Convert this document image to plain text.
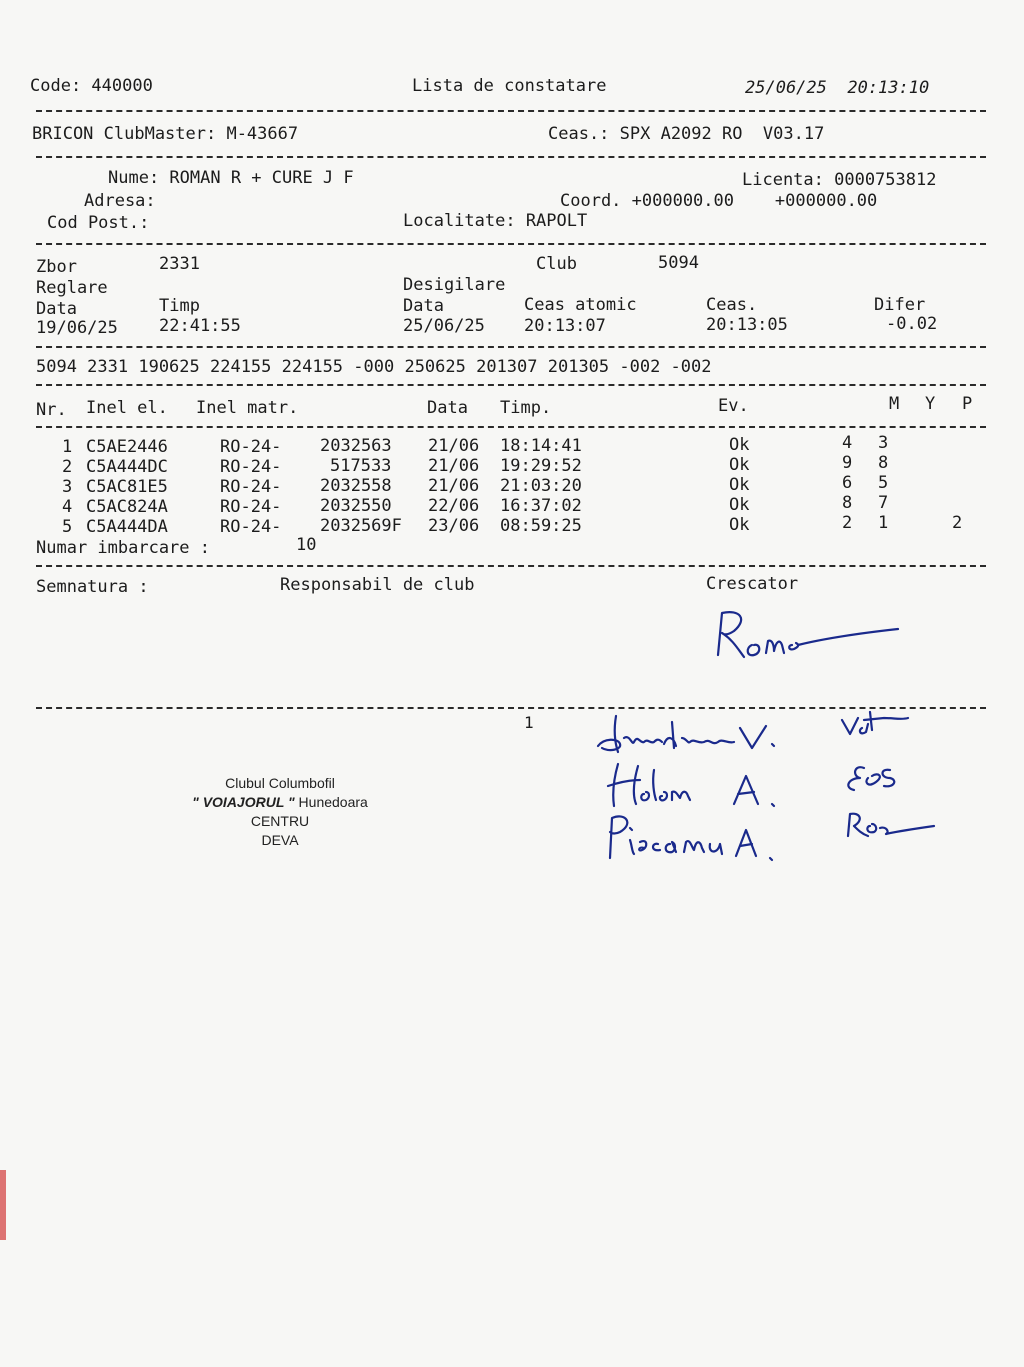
Code: 440000	Lista de constatare	25/06/25  20:13:10
BRICON ClubMaster: M-43667	Ceas.: SPX A2092 RO  V03.17
Nume: ROMAN R + CURE J F	Licenta: 0000753812
Adresa:	Coord. +000000.00    +000000.00
Cod Post.:	Localitate: RAPOLT
Zbor	2331	Club	5094
Reglare	Desigilare
Data	Timp	Data	Ceas atomic	Ceas.	Difer
19/06/25 22:41:55	25/06/25 20:13:07	20:13:05	-0.02
5094 2331 190625 224155 224155 -000 250625 201307 201305 -002 -002
Nr. Inel el. Inel matr.	Data Timp.	Ev.	M Y P
1 C5AE2446	RO-24- 2032563 21/06 18:14:41	Ok	4 3
2 C5A444DC	RO-24-	517533 21/06 19:29:52	Ok	9 8
3 C5AC81E5	RO-24- 2032558 21/06 21:03:20	Ok	6 5
4 C5AC824A	RO-24- 2032550 22/06 16:37:02	Ok	8 7
5 C5A444DA	RO-24- 2032569F 23/06 08:59:25	Ok	2 1	2
Numar imbarcare :	10
Semnatura :	Responsabil de club	Crescator
1
Clubul Columbofil
" VOIAJORUL " Hunedoara
CENTRU
DEVA
